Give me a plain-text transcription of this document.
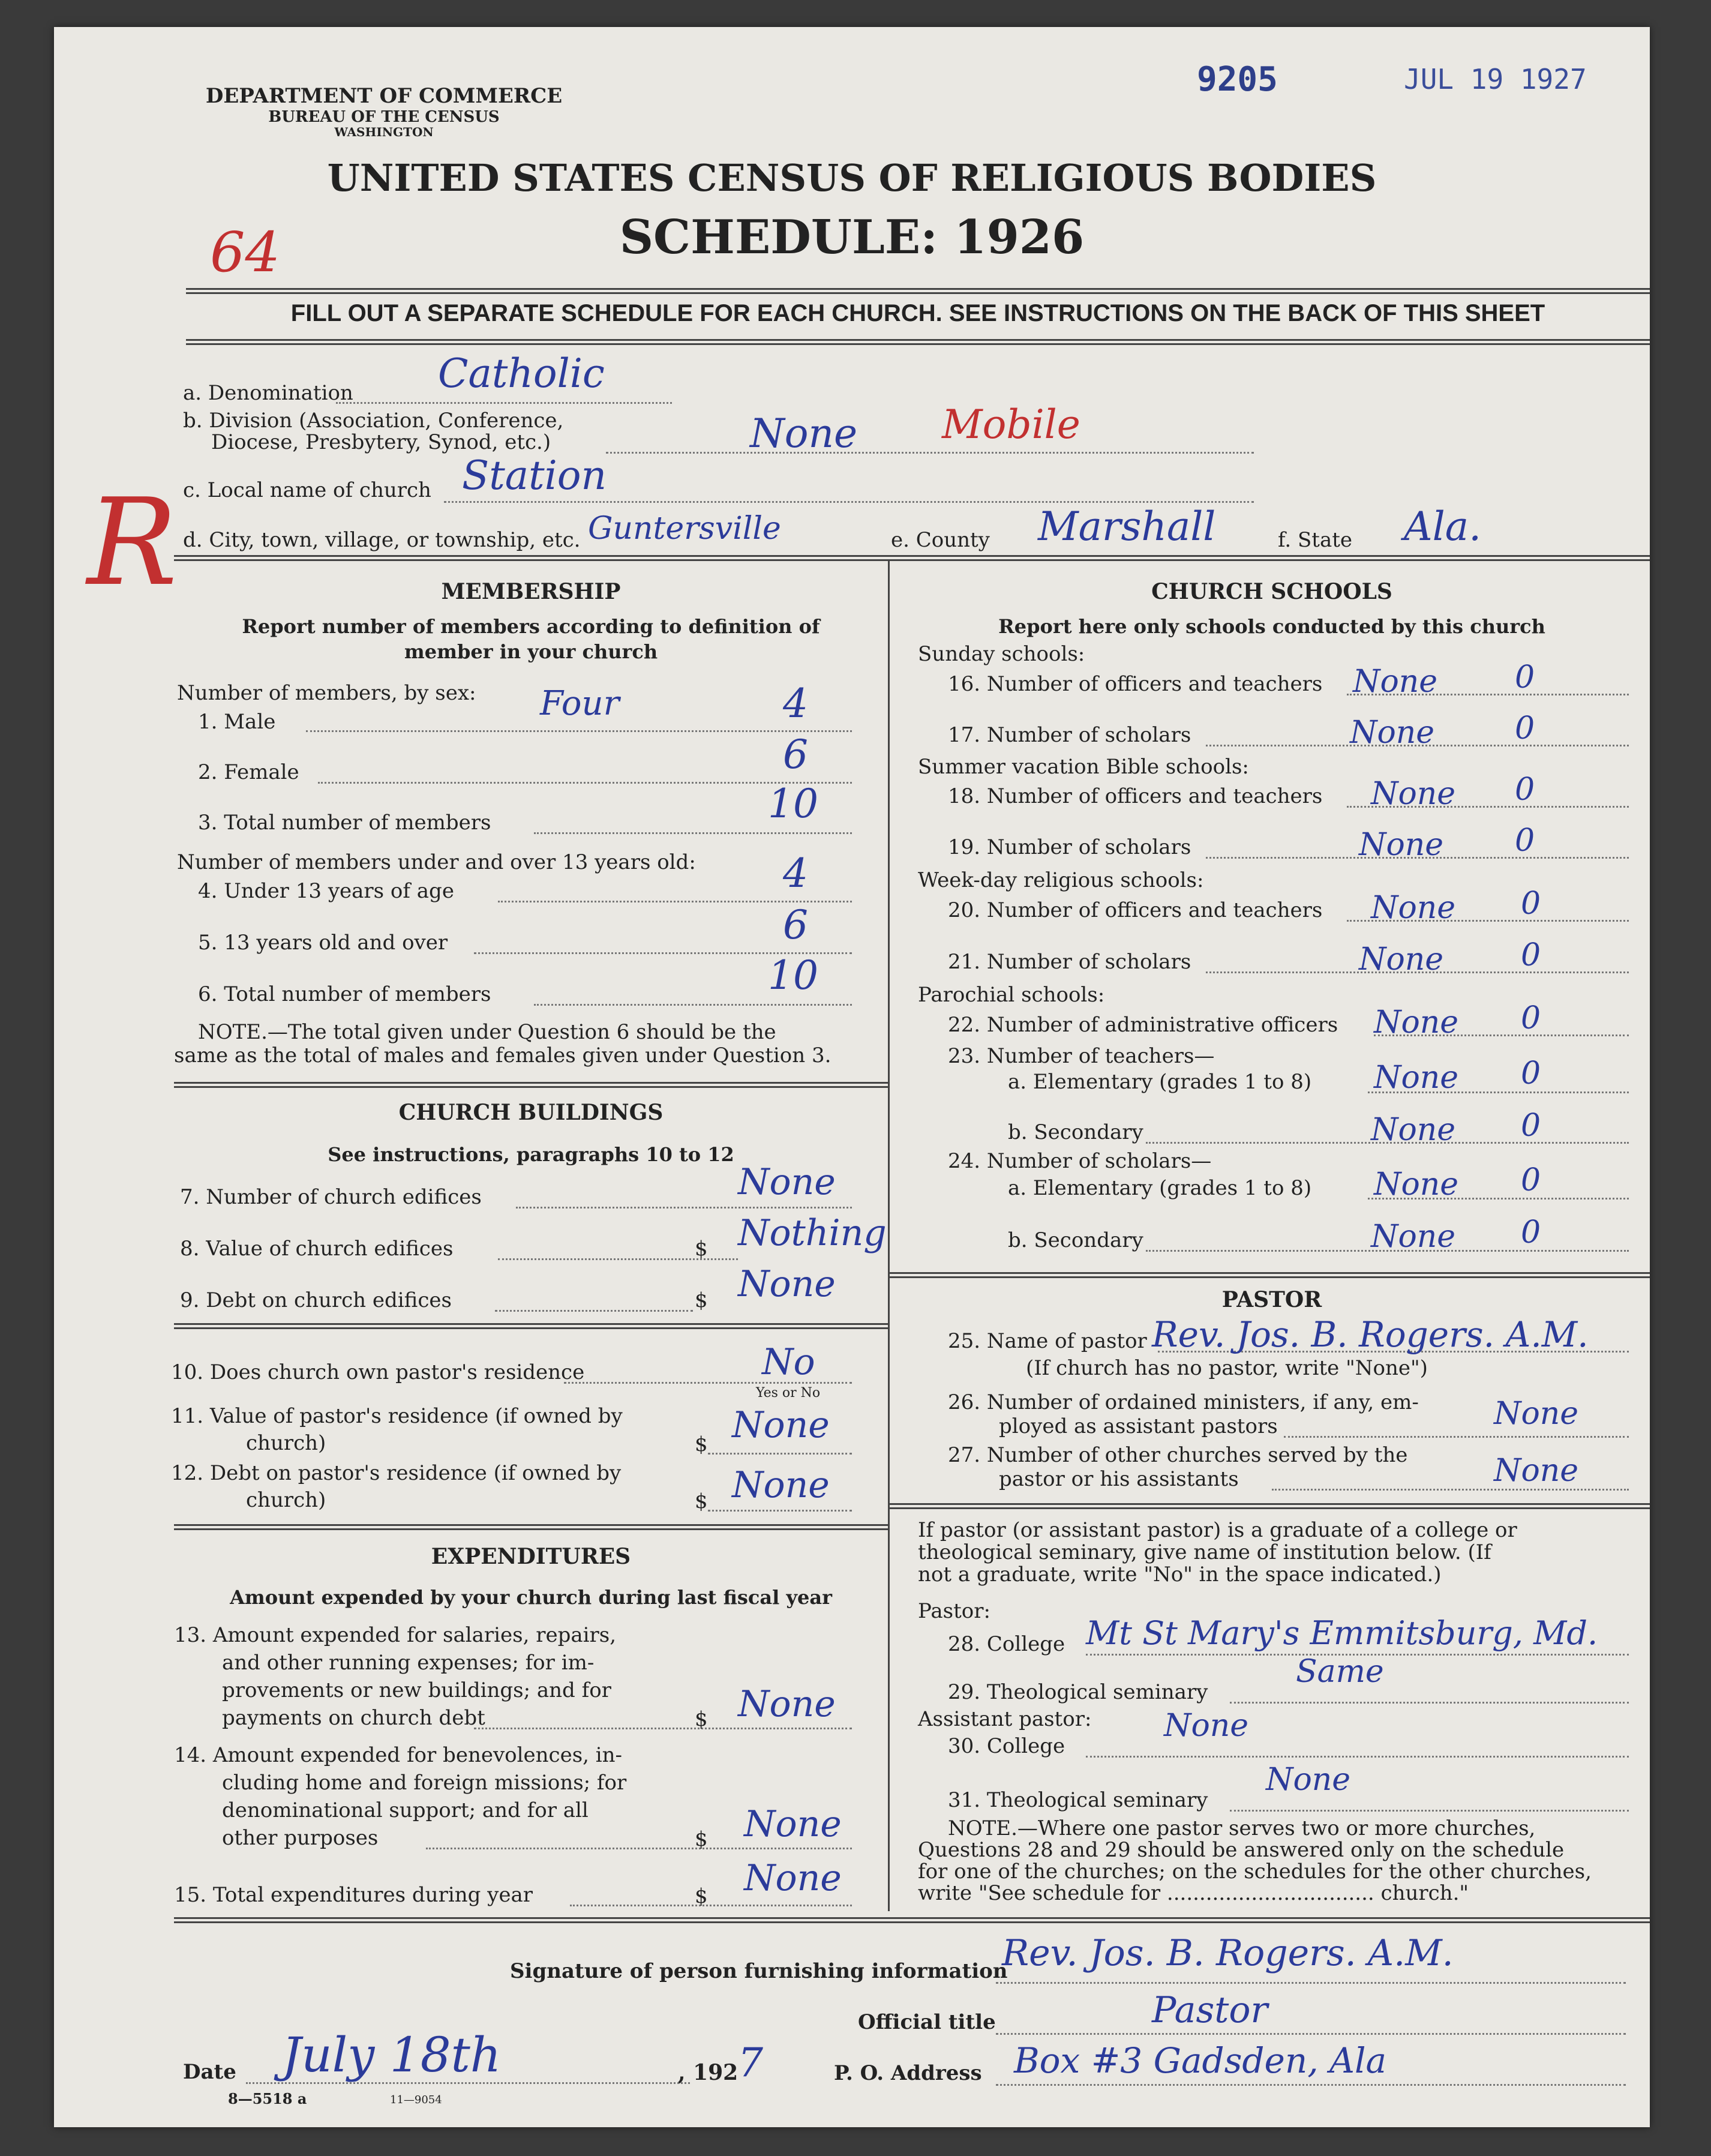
9205	JUL 19 1927
DEPARTMENT OF COMMERCE
BUREAU OF THE CENSUS
WASHINGTON
UNITED STATES CENSUS OF RELIGIOUS BODIES
SCHEDULE: 1926
64
R
FILL OUT A SEPARATE SCHEDULE FOR EACH CHURCH. SEE INSTRUCTIONS ON THE BACK OF THIS SHEET
a. Denomination Catholic
b. Division (Association, Conference,
Diocese, Presbytery, Synod, etc.)	None Mobile
c. Local name of church Station
d. City, town, village, or township, etc. Guntersville	e. County Marshall	f. State Ala.
MEMBERSHIP
Report number of members according to definition of
member in your church
Number of members, by sex:
1. Male	Four	4
2. Female	6
3. Total number of members	10
Number of members under and over 13 years old:
4. Under 13 years of age	4
5. 13 years old and over	6
6. Total number of members	10
NOTE.—The total given under Question 6 should be the
same as the total of males and females given under Question 3.
CHURCH BUILDINGS
See instructions, paragraphs 10 to 12
7. Number of church edifices	None
8. Value of church edifices	$ Nothing
9. Debt on church edifices	$ None
10. Does church own pastor's residence	No
Yes or No
11. Value of pastor's residence (if owned by
church)	$ None
12. Debt on pastor's residence (if owned by
church)	$ None
EXPENDITURES
Amount expended by your church during last fiscal year
13. Amount expended for salaries, repairs,
and other running expenses; for im-
provements or new buildings; and for
payments on church debt	$ None
14. Amount expended for benevolences, in-
cluding home and foreign missions; for
denominational support; and for all
other purposes	$ None
15. Total expenditures during year	$ None
CHURCH SCHOOLS
Report here only schools conducted by this church
Sunday schools:
16. Number of officers and teachers None 0
17. Number of scholars	None	0
Summer vacation Bible schools:
18. Number of officers and teachers None 0
19. Number of scholars	None 0
Week-day religious schools:
20. Number of officers and teachers None 0
21. Number of scholars	None 0
Parochial schools:
22. Number of administrative officers None 0
23. Number of teachers—
a. Elementary (grades 1 to 8) None 0
b. Secondary	None 0
24. Number of scholars—
a. Elementary (grades 1 to 8) None 0
b. Secondary	None 0
PASTOR
25. Name of pastor Rev. Jos. B. Rogers. A.M.
(If church has no pastor, write "None")
26. Number of ordained ministers, if any, em-
ployed as assistant pastors	None
27. Number of other churches served by the
pastor or his assistants	None
If pastor (or assistant pastor) is a graduate of a college or
theological seminary, give name of institution below. (If
not a graduate, write "No" in the space indicated.)
Pastor:
28. College Mt St Mary's Emmitsburg, Md.
29. Theological seminary
Same
Assistant pastor:
30. College
None
31. Theological seminary
None
NOTE.—Where one pastor serves two or more churches,
Questions 28 and 29 should be answered only on the schedule
for one of the churches; on the schedules for the other churches,
write "See schedule for ................................ church."
Signature of person furnishing information
Rev. Jos. B. Rogers. A.M.
Official title	Pastor
Date July 18th	, 192 7	P. O. Address Box #3 Gadsden, Ala
8—5518 a	11—9054
